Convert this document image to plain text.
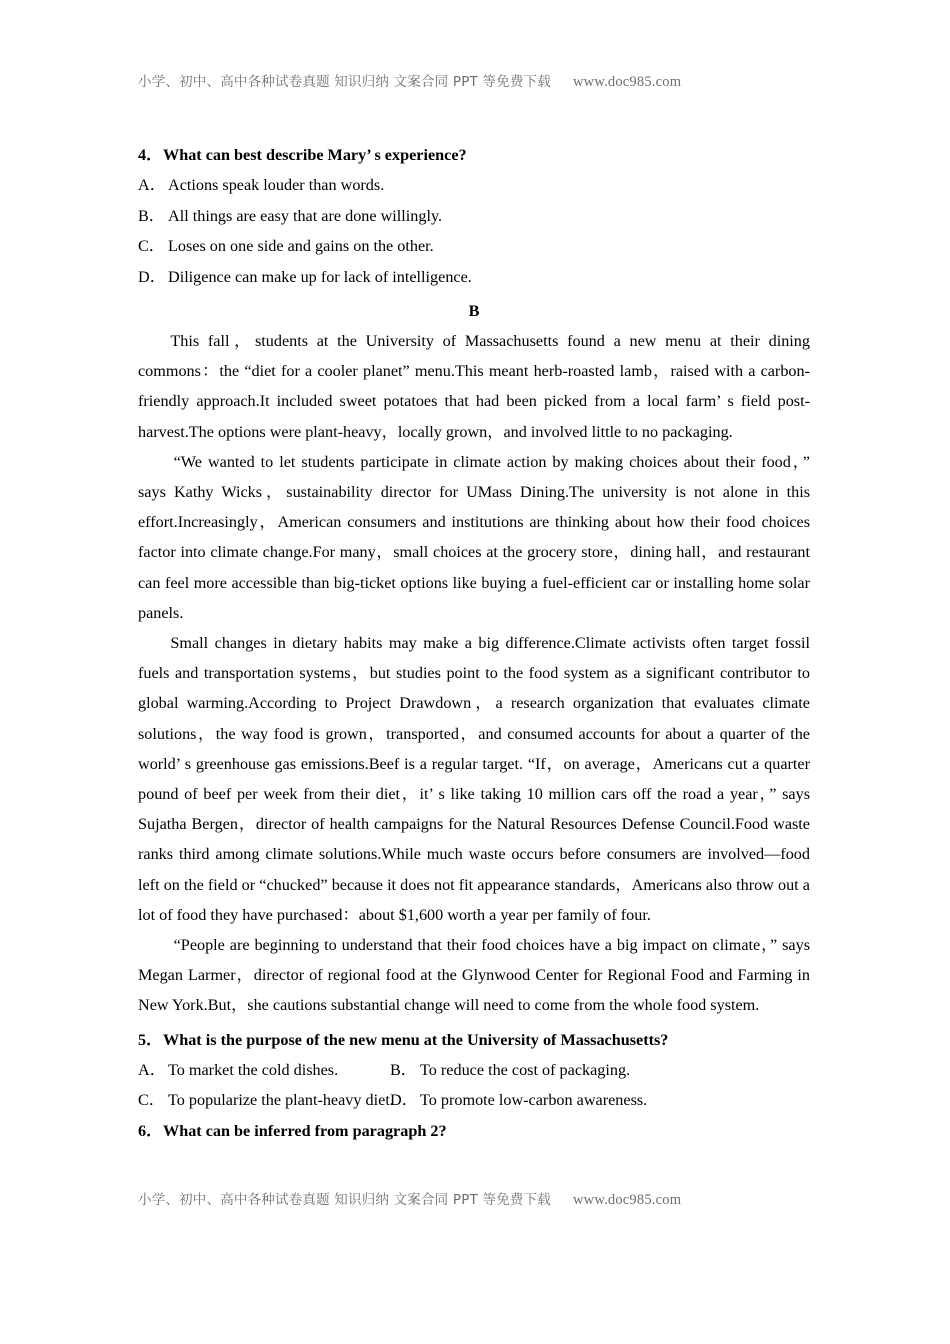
小学、初中、高中各种试卷真题 知识归纳 文案合同 PPT 等免费下载 www.doc985.com

4．What can best describe Mary’ s experience?

A． Actions speak louder than words.

B． All things are easy that are done willingly.

C． Loses on one side and gains on the other.

D． Diligence can make up for lack of intelligence.

B

This fall，students at the University of Massachusetts found a new menu at their dining commons：the “diet for a cooler planet” menu.This meant herb-roasted lamb，raised with a carbon-friendly approach.It included sweet potatoes that had been picked from a local farm’ s field post-harvest.The options were plant-heavy，locally grown，and involved little to no packaging.

“We wanted to let students participate in climate action by making choices about their food，” says Kathy Wicks，sustainability director for UMass Dining.The university is not alone in this effort.Increasingly，American consumers and institutions are thinking about how their food choices factor into climate change.For many，small choices at the grocery store，dining hall，and restaurant can feel more accessible than big-ticket options like buying a fuel-efficient car or installing home solar panels.

Small changes in dietary habits may make a big difference.Climate activists often target fossil fuels and transportation systems，but studies point to the food system as a significant contributor to global warming.According to Project Drawdown，a research organization that evaluates climate solutions，the way food is grown，transported，and consumed accounts for about a quarter of the world’ s greenhouse gas emissions.Beef is a regular target. “If，on average，Americans cut a quarter pound of beef per week from their diet，it’ s like taking 10 million cars off the road a year，” says Sujatha Bergen，director of health campaigns for the Natural Resources Defense Council.Food waste ranks third among climate solutions.While much waste occurs before consumers are involved—food left on the field or “chucked” because it does not fit appearance standards，Americans also throw out a lot of food they have purchased：about $1,600 worth a year per family of four.

“People are beginning to understand that their food choices have a big impact on climate，” says Megan Larmer，director of regional food at the Glynwood Center for Regional Food and Farming in New York.But，she cautions substantial change will need to come from the whole food system.

5．What is the purpose of the new menu at the University of Massachusetts?

A． To market the cold dishes.	B． To reduce the cost of packaging.
C． To popularize the plant-heavy diet.
D． To promote low-carbon awareness.

6．What can be inferred from paragraph 2?

小学、初中、高中各种试卷真题 知识归纳 文案合同 PPT 等免费下载 www.doc985.com
